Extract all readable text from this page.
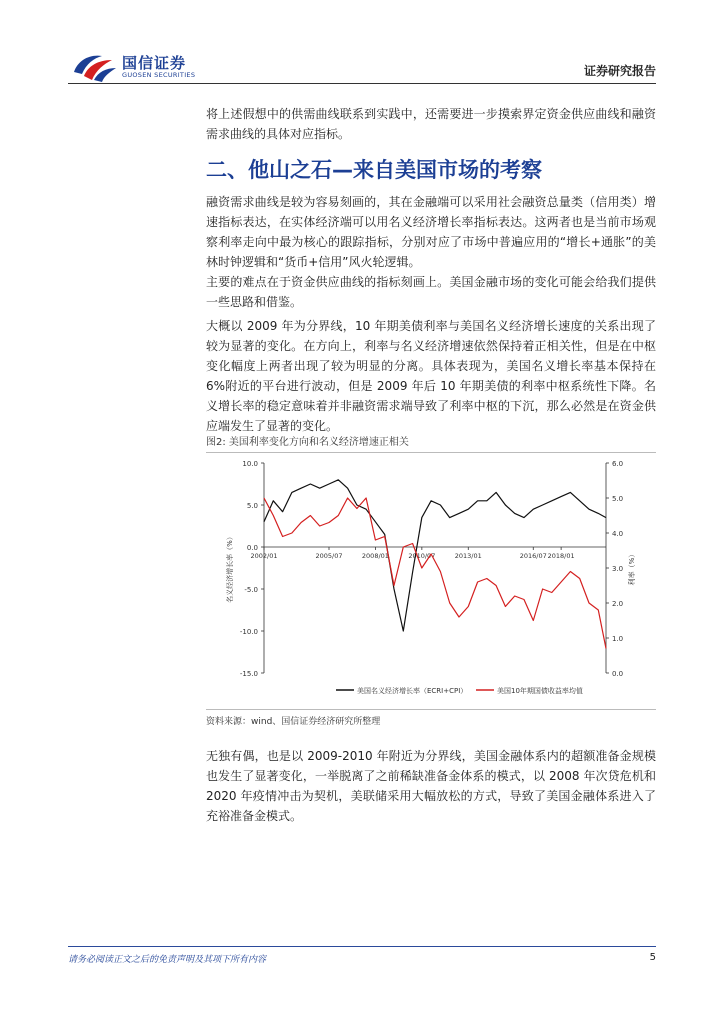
国信证券
GUOSEN SECURITIES	证券研究报告

将上述假想中的供需曲线联系到实践中，还需要进一步摸索界定资金供应曲线和融资需求曲线的具体对应指标。

二、他山之石—来自美国市场的考察

融资需求曲线是较为容易刻画的，其在金融端可以采用社会融资总量类（信用类）增速指标表达，在实体经济端可以用名义经济增长率指标表达。这两者也是当前市场观察利率走向中最为核心的跟踪指标，分别对应了市场中普遍应用的“增长+通胀”的美林时钟逻辑和“货币+信用”风火轮逻辑。

主要的难点在于资金供应曲线的指标刻画上。美国金融市场的变化可能会给我们提供一些思路和借鉴。

大概以 2009 年为分界线，10 年期美债利率与美国名义经济增长速度的关系出现了较为显著的变化。在方向上，利率与名义经济增速依然保持着正相关性，但是在中枢变化幅度上两者出现了较为明显的分离。具体表现为，美国名义增长率基本保持在 6%附近的平台进行波动，但是 2009 年后 10 年期美债的利率中枢系统性下降。名义增长率的稳定意味着并非融资需求端导致了利率中枢的下沉，那么必然是在资金供应端发生了显著的变化。

图2: 美国利率变化方向和名义经济增速正相关
10.0
5.0
0.0
-5.0
-10.0
-15.0
6.0
5.0
4.0
3.0
2.0
1.0
0.0
2002/01	2005/07	2008/01	2010/07	2013/01	2016/07 2018/01
名义经济增长率（%）	利率（%）
美国名义经济增长率（ECRI+CPI）	美国10年期国债收益率均值
资料来源：wind、国信证券经济研究所整理

无独有偶，也是以 2009-2010 年附近为分界线，美国金融体系内的超额准备金规模也发生了显著变化，一举脱离了之前稀缺准备金体系的模式，以 2008 年次贷危机和 2020 年疫情冲击为契机，美联储采用大幅放松的方式，导致了美国金融体系进入了充裕准备金模式。

请务必阅读正文之后的免责声明及其项下所有内容	5
